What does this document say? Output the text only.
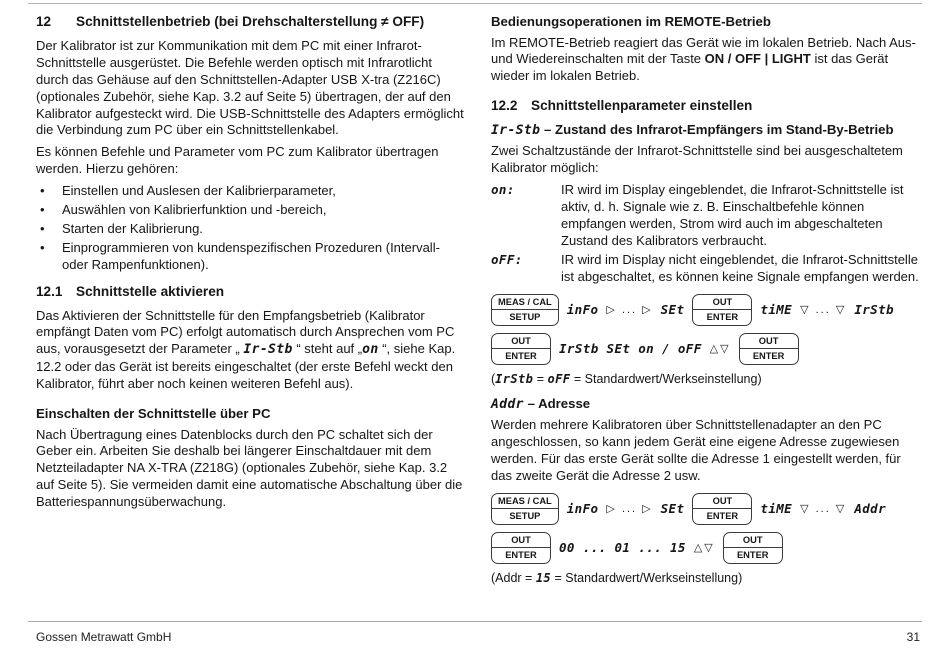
12	Schnittstellenbetrieb (bei Drehschalterstellung ≠ OFF)

Der Kalibrator ist zur Kommunikation mit dem PC mit einer Infrarot-Schnittstelle ausgerüstet. Die Befehle werden optisch mit Infrarotlicht durch das Gehäuse auf den Schnittstellen-Adapter USB X-tra (Z216C) (optionales Zubehör, siehe Kap. 3.2 auf Seite 5) übertragen, der auf den Kalibrator aufgesteckt wird. Die USB-Schnittstelle des Adapters ermöglicht die Verbindung zum PC über ein Schnittstellenkabel.

Es können Befehle und Parameter vom PC zum Kalibrator übertragen werden. Hierzu gehören:

•	Einstellen und Auslesen der Kalibrierparameter,
•	Auswählen von Kalibrierfunktion und -bereich,
•	Starten der Kalibrierung.
•	Einprogrammieren von kundenspezifischen Prozeduren (Intervall- oder Rampenfunktionen).
12.1 Schnittstelle aktivieren

Das Aktivieren der Schnittstelle für den Empfangsbetrieb (Kalibrator empfängt Daten vom PC) erfolgt automatisch durch Ansprechen vom PC aus, vorausgesetzt der Parameter „ Ir-Stb “ steht auf „on “, siehe Kap. 12.2 oder das Gerät ist bereits eingeschaltet (der erste Befehl weckt den Kalibrator, führt aber noch keinen weiteren Befehl aus).

Einschalten der Schnittstelle über PC

Nach Übertragung eines Datenblocks durch den PC schaltet sich der Geber ein. Arbeiten Sie deshalb bei längerer Einschaltdauer mit dem Netzteiladapter NA X-TRA (Z218G) (optionales Zubehör, siehe Kap. 3.2 auf Seite 5). Sie vermeiden damit eine automatische Abschaltung über die Batteriespannungsüberwachung.

Bedienungsoperationen im REMOTE-Betrieb

Im REMOTE-Betrieb reagiert das Gerät wie im lokalen Betrieb. Nach Aus- und Wiedereinschalten mit der Taste ON / OFF | LIGHT ist das Gerät wieder im lokalen Betrieb.

12.2 Schnittstellenparameter einstellen
Ir-Stb – Zustand des Infrarot-Empfängers im Stand-By-Betrieb

Zwei Schaltzustände der Infrarot-Schnittstelle sind bei ausgeschaltetem Kalibrator möglich:

on:	IR wird im Display eingeblendet, die Infrarot-Schnittstelle ist aktiv, d. h. Signale wie z. B. Einschaltbefehle können empfangen werden, Strom wird auch im abgeschalteten Zustand des Kalibrators verbraucht.
oFF:	IR wird im Display nicht eingeblendet, die Infrarot-Schnittstelle ist abgeschaltet, es können keine Signale empfangen werden.
MEAS / CAL
SETUP	inFo ▷ ... ▷ SEt
OUT
ENTER	tiME ▽ ... ▽ IrStb
OUT
ENTER	IrStb SEt on / oFF △▽
OUT
ENTER
(IrStb = oFF = Standardwert/Werkseinstellung)
Addr – Adresse

Werden mehrere Kalibratoren über Schnittstellenadapter an den PC angeschlossen, so kann jedem Gerät eine eigene Adresse zugewiesen werden. Für das erste Gerät sollte die Adresse 1 eingestellt werden, für das zweite Gerät die Adresse 2 usw.

MEAS / CAL
SETUP	inFo ▷ ... ▷ SEt
OUT
ENTER	tiME ▽ ... ▽ Addr
OUT
ENTER	00 ... 01 ... 15 △▽
OUT
ENTER
(Addr = 15 = Standardwert/Werkseinstellung)
Gossen Metrawatt GmbH	31
